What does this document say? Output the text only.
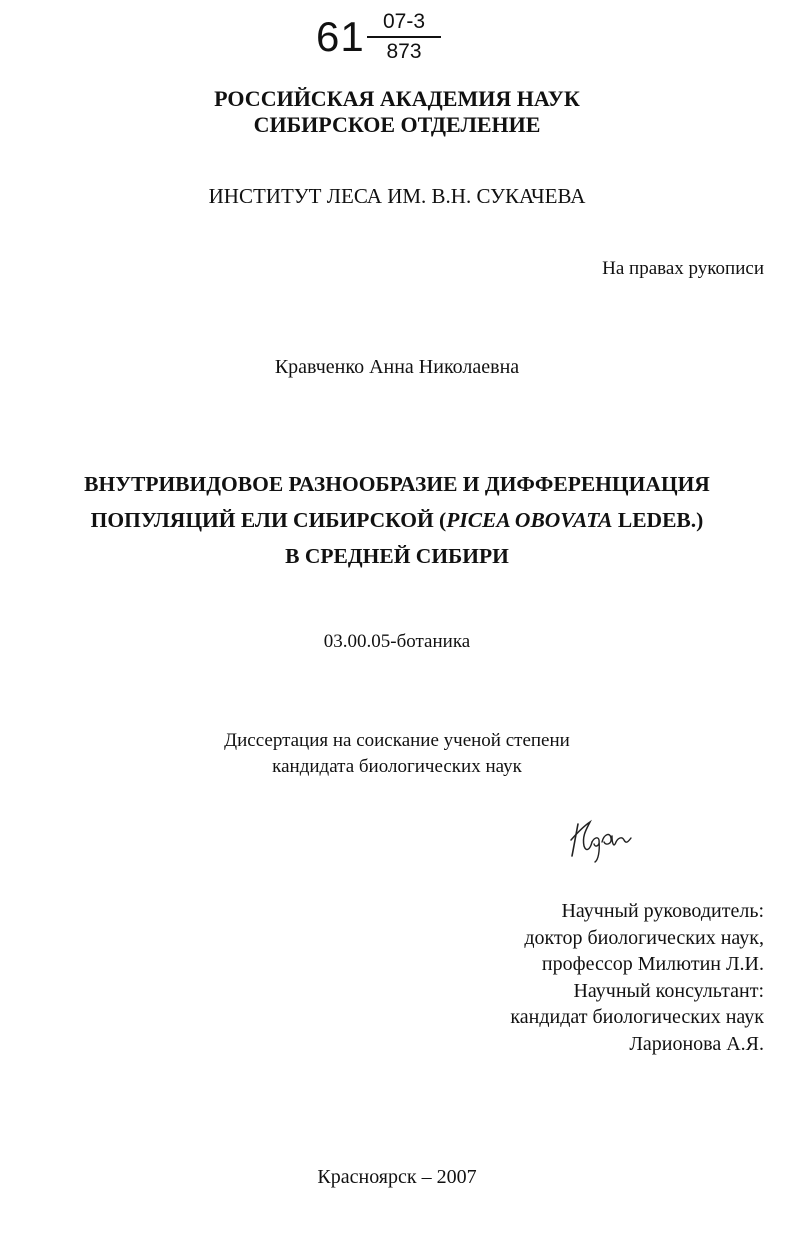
61 07-3
873
РОССИЙСКАЯ АКАДЕМИЯ НАУК
СИБИРСКОЕ ОТДЕЛЕНИЕ
ИНСТИТУТ ЛЕСА ИМ. В.Н. СУКАЧЕВА
На правах рукописи
Кравченко Анна Николаевна
ВНУТРИВИДОВОЕ РАЗНООБРАЗИЕ И ДИФФЕРЕНЦИАЦИЯ
ПОПУЛЯЦИЙ ЕЛИ СИБИРСКОЙ (PICEA OBOVATA LEDEB.)
В СРЕДНЕЙ СИБИРИ
03.00.05-ботаника
Диссертация на соискание ученой степени
кандидата биологических наук
Научный руководитель:
доктор биологических наук,
профессор Милютин Л.И.
Научный консультант:
кандидат биологических наук
Ларионова А.Я.
Красноярск – 2007
